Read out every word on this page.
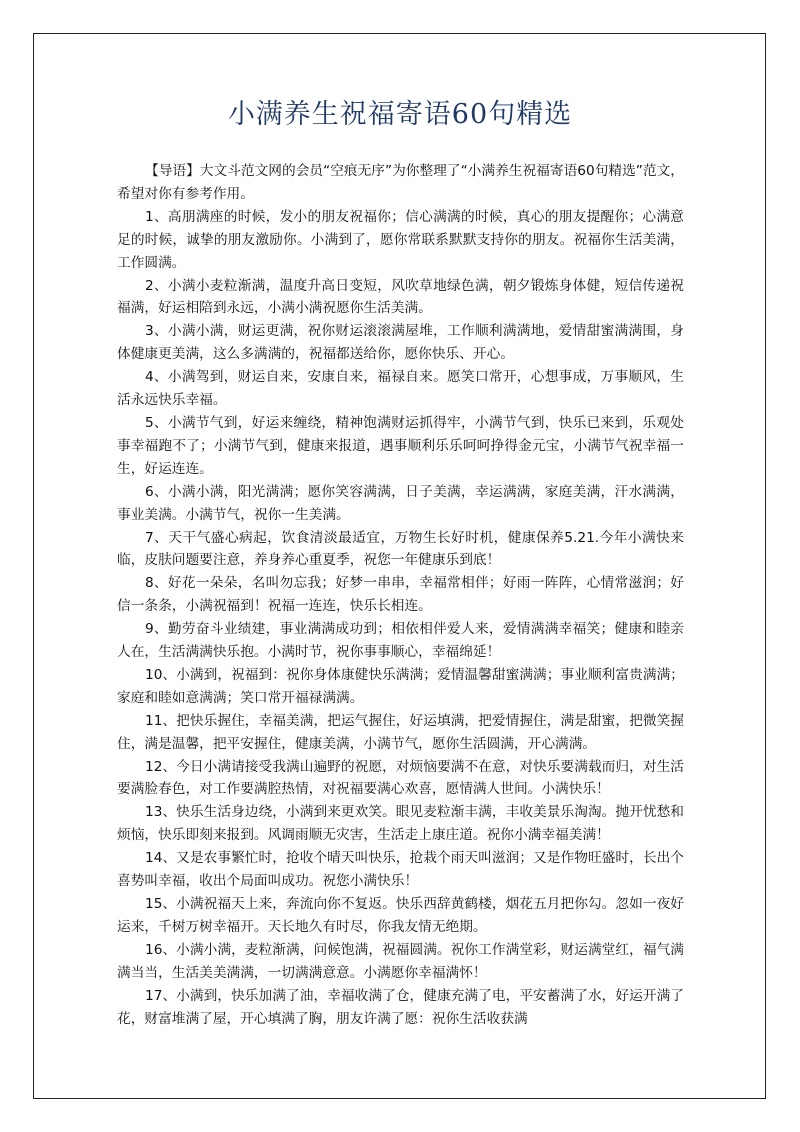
小满养生祝福寄语60句精选

【导语】大文斗范文网的会员“空痕无序”为你整理了“小满养生祝福寄语60句精选”范文，希望对你有参考作用。

1、高朋满座的时候，发小的朋友祝福你；信心满满的时候，真心的朋友提醒你；心满意足的时候，诚挚的朋友激励你。小满到了，愿你常联系默默支持你的朋友。祝福你生活美满，工作圆满。

2、小满小麦粒渐满，温度升高日变短，风吹草地绿色满，朝夕锻炼身体健，短信传递祝福满，好运相陪到永远，小满小满祝愿你生活美满。

3、小满小满，财运更满，祝你财运滚滚满屋堆，工作顺利满满地，爱情甜蜜满满围，身体健康更美满，这么多满满的，祝福都送给你，愿你快乐、开心。

4、小满驾到，财运自来，安康自来，福禄自来。愿笑口常开，心想事成，万事顺风，生活永远快乐幸福。

5、小满节气到，好运来缠绕，精神饱满财运抓得牢，小满节气到，快乐已来到，乐观处事幸福跑不了；小满节气到，健康来报道，遇事顺利乐乐呵呵挣得金元宝，小满节气祝幸福一生，好运连连。

6、小满小满，阳光满满；愿你笑容满满，日子美满，幸运满满，家庭美满，汗水满满，事业美满。小满节气，祝你一生美满。

7、天干气盛心病起，饮食清淡最适宜，万物生长好时机，健康保养5.21.今年小满快来临，皮肤问题要注意，养身养心重夏季，祝您一年健康乐到底！

8、好花一朵朵，名叫勿忘我；好梦一串串，幸福常相伴；好雨一阵阵，心情常滋润；好信一条条，小满祝福到！祝福一连连，快乐长相连。

9、勤劳奋斗业绩建，事业满满成功到；相依相伴爱人来，爱情满满幸福笑；健康和睦亲人在，生活满满快乐抱。小满时节，祝你事事顺心，幸福绵延！

10、小满到，祝福到：祝你身体康健快乐满满；爱情温馨甜蜜满满；事业顺利富贵满满；家庭和睦如意满满；笑口常开福禄满满。

11、把快乐握住，幸福美满，把运气握住，好运填满，把爱情握住，满是甜蜜，把微笑握住，满是温馨，把平安握住，健康美满，小满节气，愿你生活圆满，开心满满。

12、今日小满请接受我满山遍野的祝愿，对烦恼要满不在意，对快乐要满载而归，对生活要满脸春色，对工作要满腔热情，对祝福要满心欢喜，愿情满人世间。小满快乐！

13、快乐生活身边绕，小满到来更欢笑。眼见麦粒渐丰满，丰收美景乐淘淘。抛开忧愁和烦恼，快乐即刻来报到。风调雨顺无灾害，生活走上康庄道。祝你小满幸福美满！

14、又是农事繁忙时，抢收个晴天叫快乐，抢栽个雨天叫滋润；又是作物旺盛时，长出个喜势叫幸福，收出个局面叫成功。祝您小满快乐！

15、小满祝福天上来，奔流向你不复返。快乐西辞黄鹤楼，烟花五月把你勾。忽如一夜好运来，千树万树幸福开。天长地久有时尽，你我友情无绝期。

16、小满小满，麦粒渐满，问候饱满，祝福圆满。祝你工作满堂彩，财运满堂红，福气满满当当，生活美美满满，一切满满意意。小满愿你幸福满怀！

17、小满到，快乐加满了油，幸福收满了仓，健康充满了电，平安蓄满了水，好运开满了花，财富堆满了屋，开心填满了胸，朋友许满了愿：祝你生活收获满
